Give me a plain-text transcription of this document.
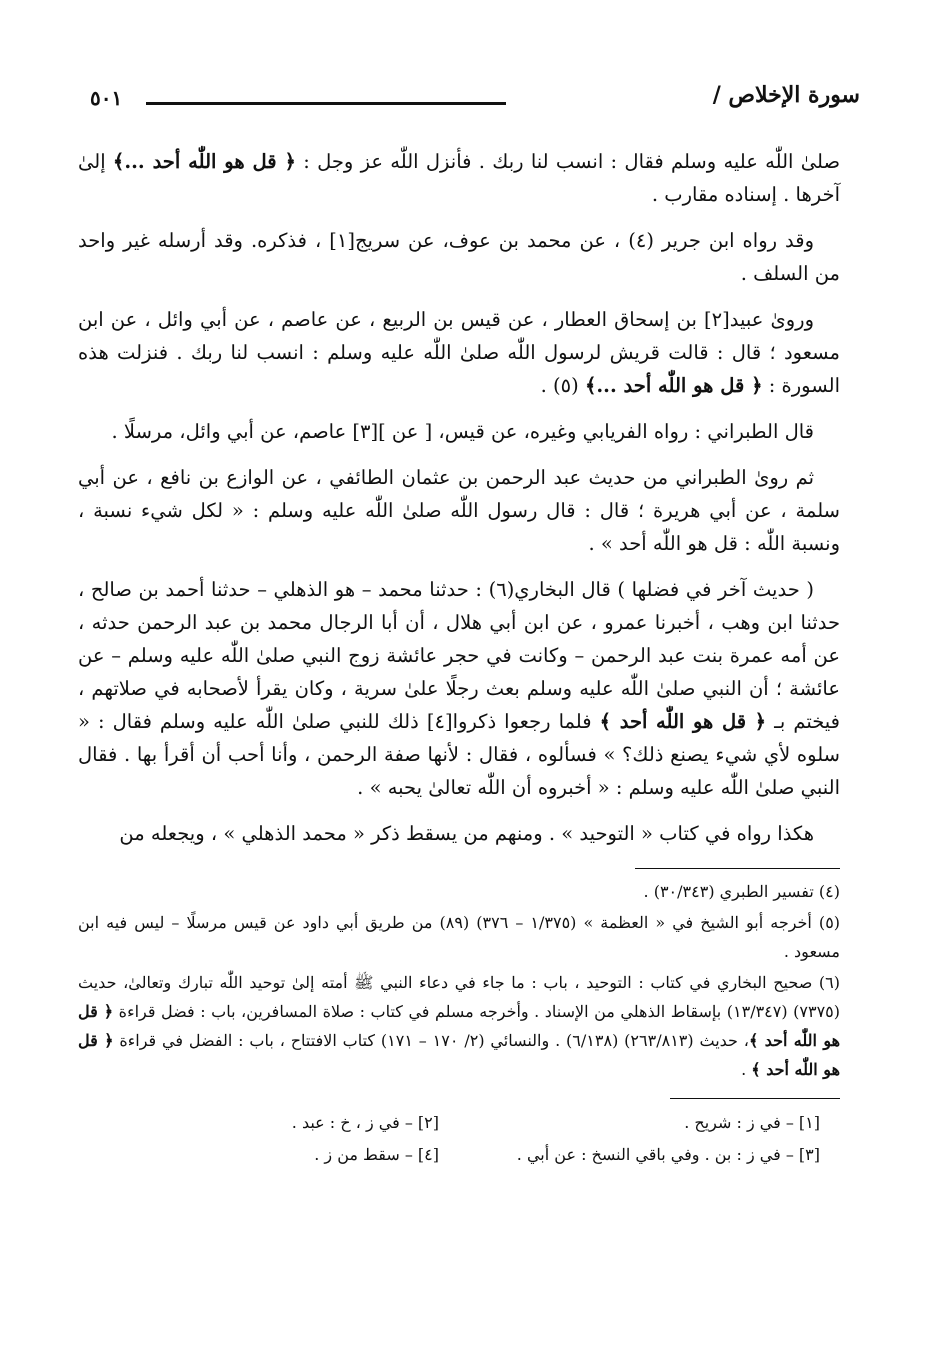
سورة الإخلاص /
٥٠١

صلىٰ اللّٰه عليه وسلم فقال : انسب لنا ربك . فأنزل اللّٰه عز وجل : ﴿ قل هو اللّٰه أحد ...﴾ إلىٰ آخرها . إسناده مقارب .

وقد رواه ابن جرير (٤) ، عن محمد بن عوف، عن سريج[١] ، فذكره. وقد أرسله غير واحد من السلف .

وروىٰ عبيد[٢] بن إسحاق العطار ، عن قيس بن الربيع ، عن عاصم ، عن أبي وائل ، عن ابن مسعود ؛ قال : قالت قريش لرسول اللّٰه صلىٰ اللّٰه عليه وسلم : انسب لنا ربك . فنزلت هذه السورة : ﴿ قل هو اللّٰه أحد ...﴾ (٥) .

قال الطبراني : رواه الفريابي وغيره، عن قيس، [ عن ][٣] عاصم، عن أبي وائل، مرسلًا .

ثم روىٰ الطبراني من حديث عبد الرحمن بن عثمان الطائفي ، عن الوازع بن نافع ، عن أبي سلمة ، عن أبي هريرة ؛ قال : قال رسول اللّٰه صلىٰ اللّٰه عليه وسلم : « لكل شيء نسبة ، ونسبة اللّٰه : قل هو اللّٰه أحد » .

( حديث آخر في فضلها ) قال البخاري(٦) : حدثنا محمد – هو الذهلي – حدثنا أحمد بن صالح ، حدثنا ابن وهب ، أخبرنا عمرو ، عن ابن أبي هلال ، أن أبا الرجال محمد بن عبد الرحمن حدثه ، عن أمه عمرة بنت عبد الرحمن – وكانت في حجر عائشة زوج النبي صلىٰ اللّٰه عليه وسلم – عن عائشة ؛ أن النبي صلىٰ اللّٰه عليه وسلم بعث رجلًا علىٰ سرية ، وكان يقرأ لأصحابه في صلاتهم ، فيختم بـ ﴿ قل هو اللّٰه أحد ﴾ فلما رجعوا ذكروا[٤] ذلك للنبي صلىٰ اللّٰه عليه وسلم فقال : « سلوه لأي شيء يصنع ذلك؟ » فسألوه ، فقال : لأنها صفة الرحمن ، وأنا أحب أن أقرأ بها . فقال النبي صلىٰ اللّٰه عليه وسلم : « أخبروه أن اللّٰه تعالىٰ يحبه » .

هكذا رواه في كتاب « التوحيد » . ومنهم من يسقط ذكر « محمد الذهلي » ، ويجعله من

(٤) تفسير الطبري (٣٠/٣٤٣) .

(٥) أخرجه أبو الشيخ في « العظمة » (١/٣٧٥ – ٣٧٦) (٨٩) من طريق أبي داود عن قيس مرسلًا – ليس فيه ابن مسعود .

(٦) صحيح البخاري في كتاب : التوحيد ، باب : ما جاء في دعاء النبي ﷺ أمته إلىٰ توحيد اللّٰه تبارك وتعالىٰ، حديث (٧٣٧٥) (١٣/٣٤٧) بإسقاط الذهلي من الإسناد . وأخرجه مسلم في كتاب : صلاة المسافرين، باب : فضل قراءة ﴿ قل هو اللّٰه أحد ﴾، حديث (٢٦٣/٨١٣) (٦/١٣٨) . والنسائي (٢/ ١٧٠ – ١٧١) كتاب الافتتاح ، باب : الفضل في قراءة ﴿ قل هو اللّٰه أحد ﴾ .

[١] – في ز : شريح .
[٢] – في ز ، خ : عبد .
[٣] – في ز : بن . وفي باقي النسخ : عن أبي .
[٤] – سقط من ز .
